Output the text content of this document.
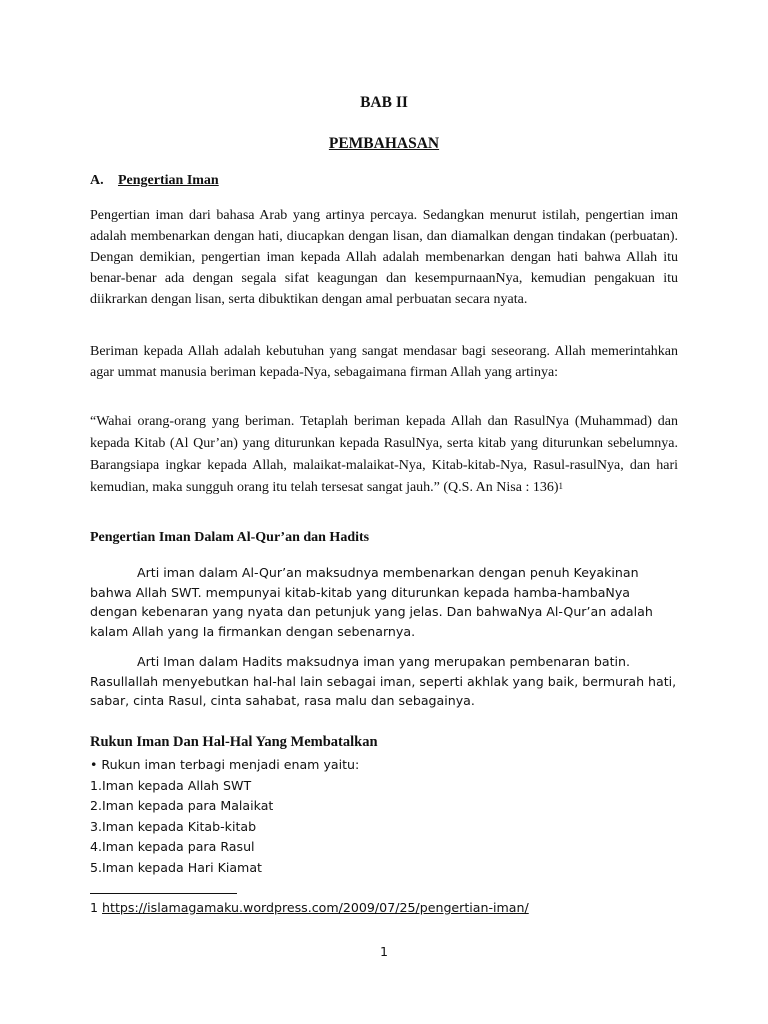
BAB II
PEMBAHASAN
A. Pengertian Iman

Pengertian iman dari bahasa Arab yang artinya percaya. Sedangkan menurut istilah, pengertian iman adalah membenarkan dengan hati, diucapkan dengan lisan, dan diamalkan dengan tindakan (perbuatan). Dengan demikian, pengertian iman kepada Allah adalah membenarkan dengan hati bahwa Allah itu benar-benar ada dengan segala sifat keagungan dan kesempurnaanNya, kemudian pengakuan itu diikrarkan dengan lisan, serta dibuktikan dengan amal perbuatan secara nyata.

Beriman kepada Allah adalah kebutuhan yang sangat mendasar bagi seseorang. Allah memerintahkan agar ummat manusia beriman kepada-Nya, sebagaimana firman Allah yang artinya:

“Wahai orang-orang yang beriman. Tetaplah beriman kepada Allah dan RasulNya (Muhammad) dan kepada Kitab (Al Qur’an) yang diturunkan kepada RasulNya, serta kitab yang diturunkan sebelumnya. Barangsiapa ingkar kepada Allah, malaikat-malaikat-Nya, Kitab-kitab-Nya, Rasul-rasulNya, dan hari kemudian, maka sungguh orang itu telah tersesat sangat jauh.” (Q.S. An Nisa : 136)$^1$

Pengertian Iman Dalam Al-Qur’an dan Hadits

Arti iman dalam Al-Qur’an maksudnya membenarkan dengan penuh Keyakinan bahwa Allah SWT. mempunyai kitab-kitab yang diturunkan kepada hamba-hambaNya dengan kebenaran yang nyata dan petunjuk yang jelas. Dan bahwaNya Al-Qur’an adalah kalam Allah yang Ia firmankan dengan sebenarnya.

Arti Iman dalam Hadits maksudnya iman yang merupakan pembenaran batin. Rasullallah menyebutkan hal-hal lain sebagai iman, seperti akhlak yang baik, bermurah hati, sabar, cinta Rasul, cinta sahabat, rasa malu dan sebagainya.

Rukun Iman Dan Hal-Hal Yang Membatalkan
• Rukun iman terbagi menjadi enam yaitu:
1.Iman kepada Allah SWT
2.Iman kepada para Malaikat
3.Iman kepada Kitab-kitab
4.Iman kepada para Rasul
5.Iman kepada Hari Kiamat
1 https://islamagamaku.wordpress.com/2009/07/25/pengertian-iman/
1
